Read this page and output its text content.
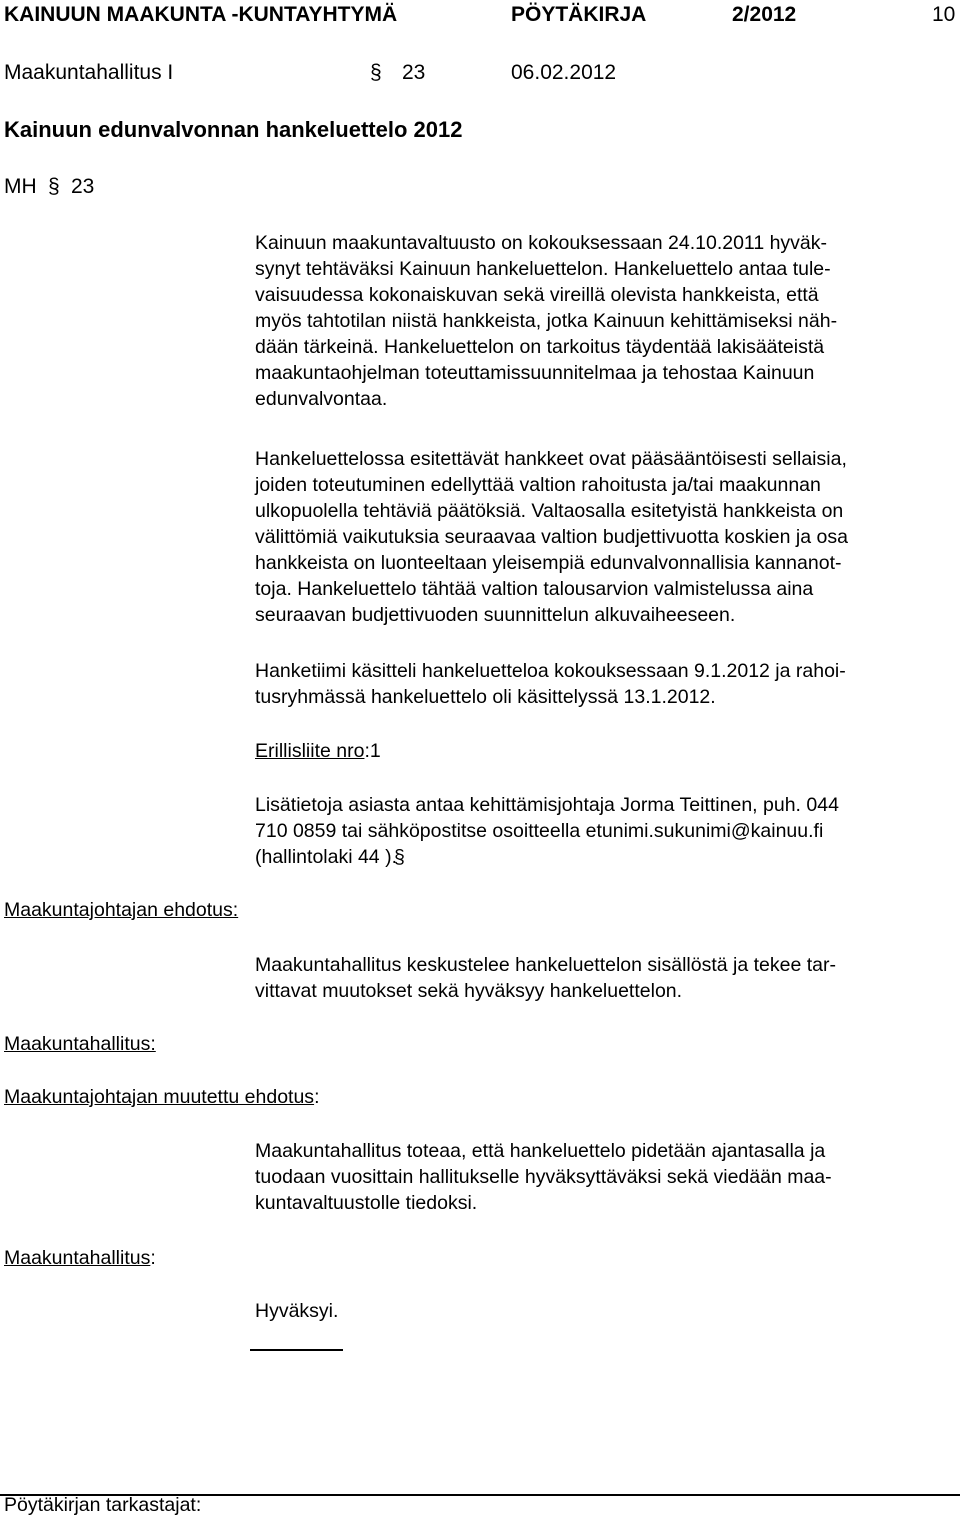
KAINUUN MAAKUNTA -KUNTAYHTYMÄ	PÖYTÄKIRJA	2/2012	10
Maakuntahallitus I	§ 23	06.02.2012
Kainuun edunvalvonnan hankeluettelo 2012
MH § 23
Kainuun maakuntavaltuusto on kokouksessaan 24.10.2011 hyväk-
synyt tehtäväksi Kainuun hankeluettelon. Hankeluettelo antaa tule-
vaisuudessa kokonaiskuvan sekä vireillä olevista hankkeista, että
myös tahtotilan niistä hankkeista, jotka Kainuun kehittämiseksi näh-
dään tärkeinä. Hankeluettelon on tarkoitus täydentää lakisääteistä
maakuntaohjelman toteuttamissuunnitelmaa ja tehostaa Kainuun
edunvalvontaa.
Hankeluettelossa esitettävät hankkeet ovat pääsääntöisesti sellaisia,
joiden toteutuminen edellyttää valtion rahoitusta ja/tai maakunnan
ulkopuolella tehtäviä päätöksiä. Valtaosalla esitetyistä hankkeista on
välittömiä vaikutuksia seuraavaa valtion budjettivuotta koskien ja osa
hankkeista on luonteeltaan yleisempiä edunvalvonnallisia kannanot-
toja. Hankeluettelo tähtää valtion talousarvion valmistelussa aina
seuraavan budjettivuoden suunnittelun alkuvaiheeseen.
Hanketiimi käsitteli hankeluetteloa kokouksessaan 9.1.2012 ja rahoi-
tusryhmässä hankeluettelo oli käsittelyssä 13.1.2012.
Erillisliite nro:1
Lisätietoja asiasta antaa kehittämisjohtaja Jorma Teittinen, puh. 044
710 0859 tai sähköpostitse osoitteella etunimi.sukunimi@kainuu.fi
(hallintolaki 44 ).
§
Maakuntajohtajan ehdotus:
Maakuntahallitus keskustelee hankeluettelon sisällöstä ja tekee tar-
vittavat muutokset sekä hyväksyy hankeluettelon.
Maakuntahallitus:
Maakuntajohtajan muutettu ehdotus:
Maakuntahallitus toteaa, että hankeluettelo pidetään ajantasalla ja
tuodaan vuosittain hallitukselle hyväksyttäväksi sekä viedään maa-
kuntavaltuustolle tiedoksi.
Maakuntahallitus:
Hyväksyi.
Pöytäkirjan tarkastajat:
